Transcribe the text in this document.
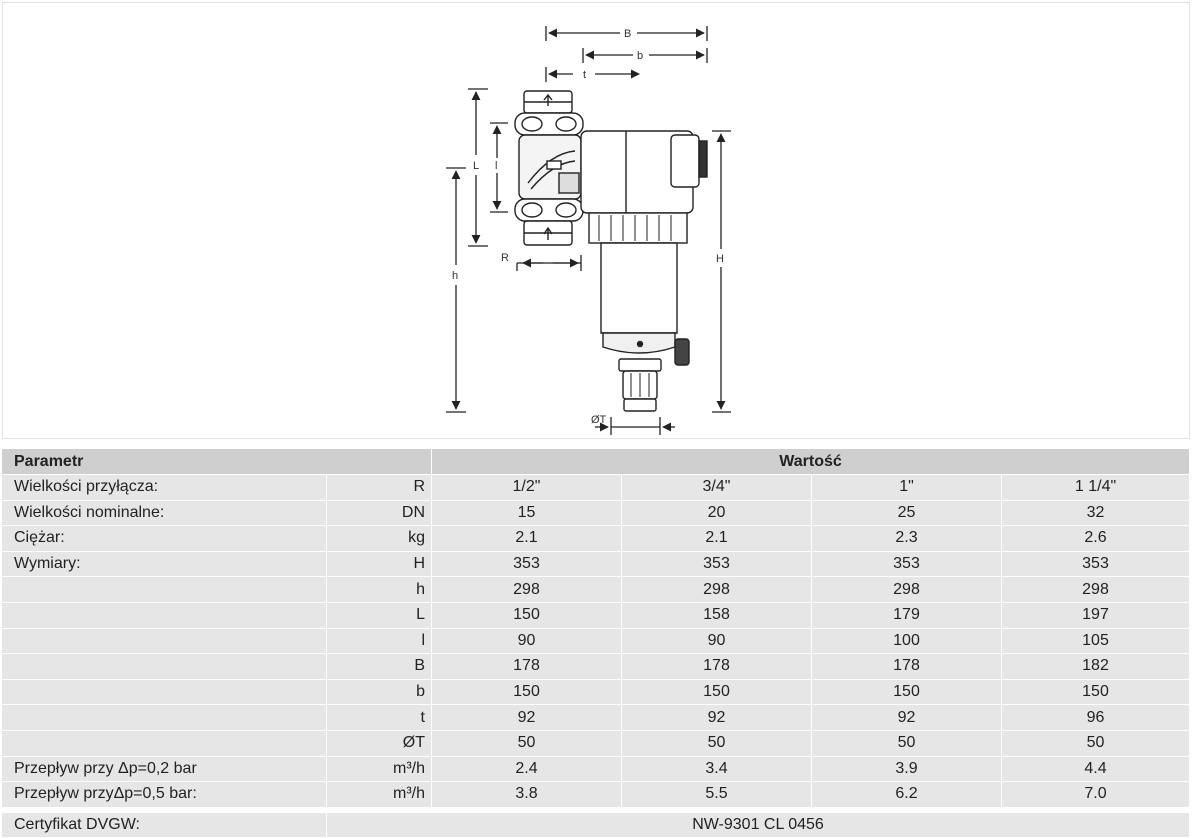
B
b
t
L l
h
H
R
ØT
Parametr		Wartość			
Wielkości przyłącza:	R	1/2"	3/4"	1"	1 1/4"
Wielkości nominalne:	DN	15	20	25	32
Ciężar:	kg	2.1	2.1	2.3	2.6
Wymiary:	H	353	353	353	353
	h	298	298	298	298
	L	150	158	179	197
	l	90	90	100	105
	B	178	178	178	182
	b	150	150	150	150
	t	92	92	92	96
	ØT	50	50	50	50
Przepływ przy Δp=0,2 bar	m³/h	2.4	3.4	3.9	4.4
Przepływ przyΔp=0,5 bar:	m³/h	3.8	5.5	6.2	7.0

Certyfikat DVGW:	NW-9301 CL 0456				
